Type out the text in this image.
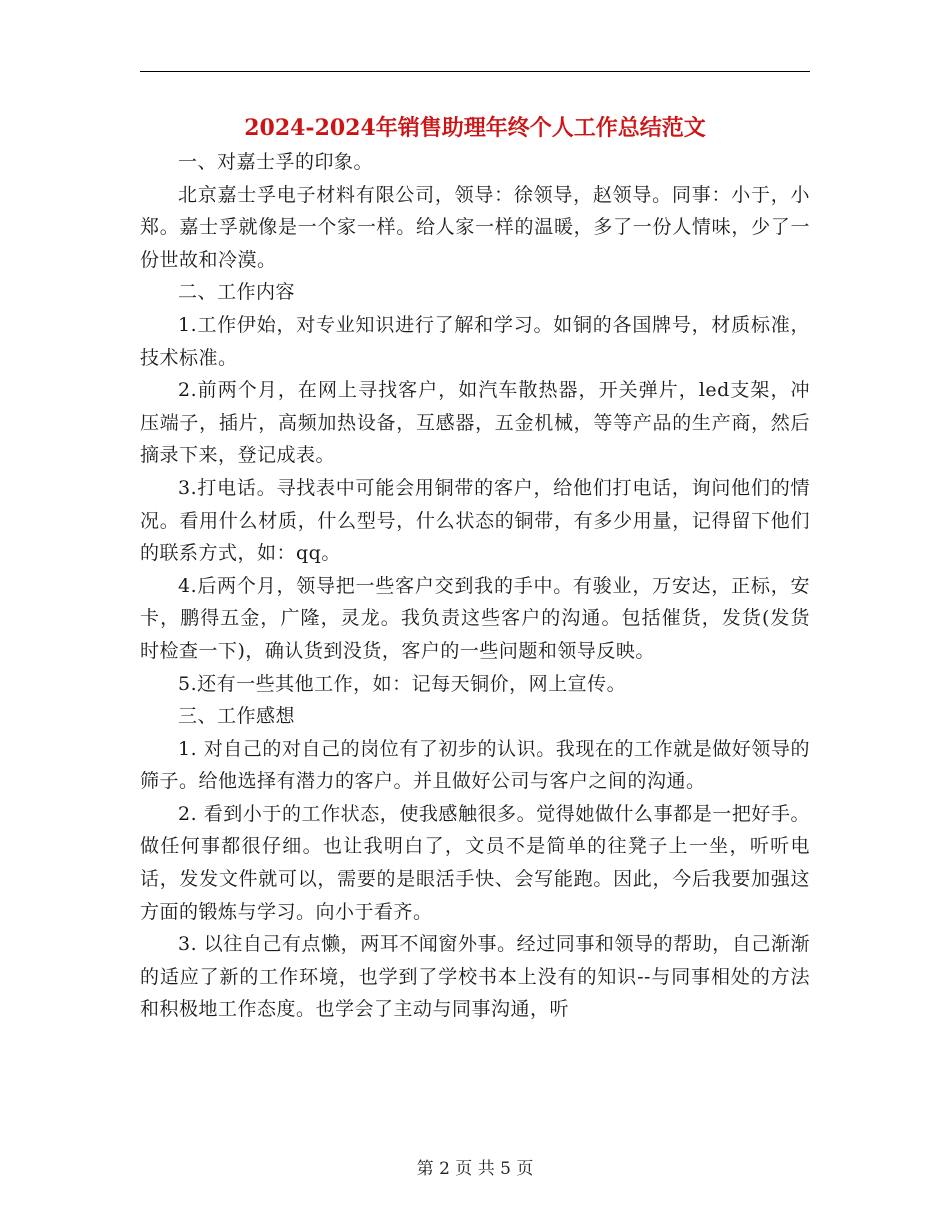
2024-2024年销售助理年终个人工作总结范文

一、对嘉士孚的印象。

北京嘉士孚电子材料有限公司，领导：徐领导，赵领导。同事：小于，小郑。嘉士孚就像是一个家一样。给人家一样的温暖，多了一份人情味，少了一份世故和冷漠。

二、工作内容

1.工作伊始，对专业知识进行了解和学习。如铜的各国牌号，材质标准，技术标准。

2.前两个月，在网上寻找客户，如汽车散热器，开关弹片，led支架，冲压端子，插片，高频加热设备，互感器，五金机械，等等产品的生产商，然后摘录下来，登记成表。

3.打电话。寻找表中可能会用铜带的客户，给他们打电话，询问他们的情况。看用什么材质，什么型号，什么状态的铜带，有多少用量，记得留下他们的联系方式，如：qq。

4.后两个月，领导把一些客户交到我的手中。有骏业，万安达，正标，安卡，鹏得五金，广隆，灵龙。我负责这些客户的沟通。包括催货，发货(发货时检查一下)，确认货到没货，客户的一些问题和领导反映。

5.还有一些其他工作，如：记每天铜价，网上宣传。

三、工作感想

1. 对自己的对自己的岗位有了初步的认识。我现在的工作就是做好领导的筛子。给他选择有潜力的客户。并且做好公司与客户之间的沟通。

2. 看到小于的工作状态，使我感触很多。觉得她做什么事都是一把好手。做任何事都很仔细。也让我明白了，文员不是简单的往凳子上一坐，听听电话，发发文件就可以，需要的是眼活手快、会写能跑。因此，今后我要加强这方面的锻炼与学习。向小于看齐。

3. 以往自己有点懒，两耳不闻窗外事。经过同事和领导的帮助，自己渐渐的适应了新的工作环境，也学到了学校书本上没有的知识--与同事相处的方法和积极地工作态度。也学会了主动与同事沟通，听

第 2 页 共 5 页
